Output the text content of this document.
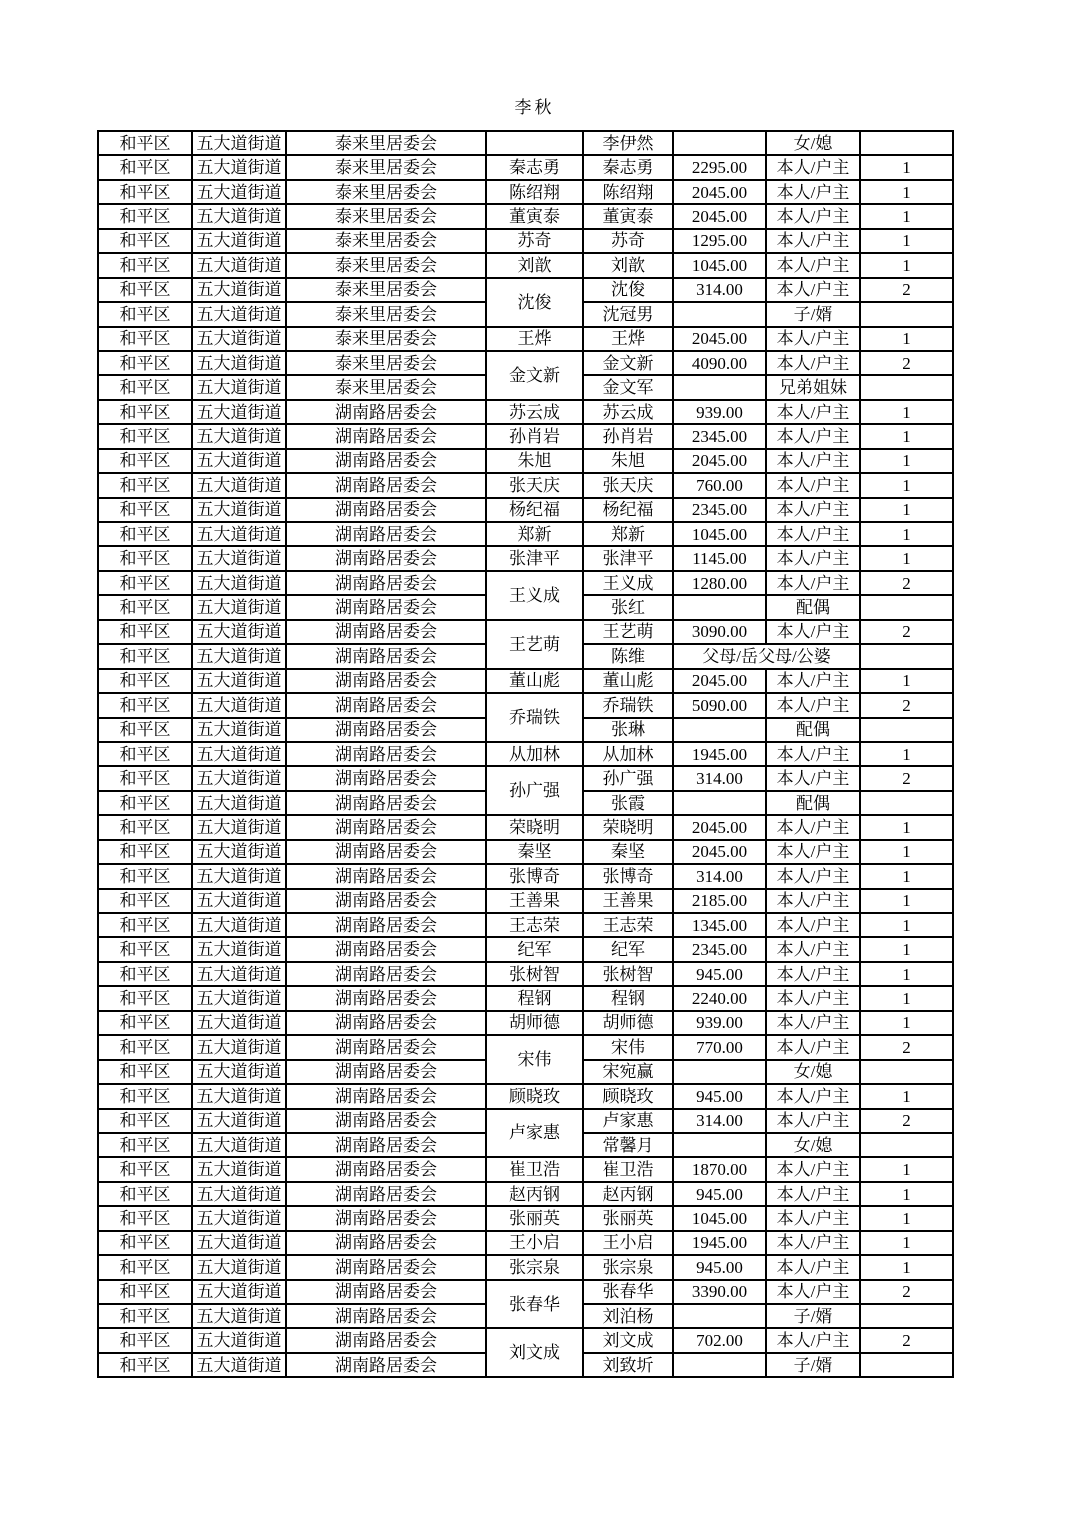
李秋
和平区	五大道街道	泰来里居委会		李伊然		女/媳	
和平区	五大道街道	泰来里居委会	秦志勇	秦志勇	2295.00	本人/户主	1
和平区	五大道街道	泰来里居委会	陈绍翔	陈绍翔	2045.00	本人/户主	1
和平区	五大道街道	泰来里居委会	董寅泰	董寅泰	2045.00	本人/户主	1
和平区	五大道街道	泰来里居委会	苏奇	苏奇	1295.00	本人/户主	1
和平区	五大道街道	泰来里居委会	刘歆	刘歆	1045.00	本人/户主	1
和平区	五大道街道	泰来里居委会	沈俊	沈俊	314.00	本人/户主	2
和平区	五大道街道	泰来里居委会		沈冠男		子/婿	
和平区	五大道街道	泰来里居委会	王烨	王烨	2045.00	本人/户主	1
和平区	五大道街道	泰来里居委会	金文新	金文新	4090.00	本人/户主	2
和平区	五大道街道	泰来里居委会		金文军		兄弟姐妹	
和平区	五大道街道	湖南路居委会	苏云成	苏云成	939.00	本人/户主	1
和平区	五大道街道	湖南路居委会	孙肖岩	孙肖岩	2345.00	本人/户主	1
和平区	五大道街道	湖南路居委会	朱旭	朱旭	2045.00	本人/户主	1
和平区	五大道街道	湖南路居委会	张天庆	张天庆	760.00	本人/户主	1
和平区	五大道街道	湖南路居委会	杨纪福	杨纪福	2345.00	本人/户主	1
和平区	五大道街道	湖南路居委会	郑新	郑新	1045.00	本人/户主	1
和平区	五大道街道	湖南路居委会	张津平	张津平	1145.00	本人/户主	1
和平区	五大道街道	湖南路居委会	王义成	王义成	1280.00	本人/户主	2
和平区	五大道街道	湖南路居委会		张红		配偶	
和平区	五大道街道	湖南路居委会	王艺萌	王艺萌	3090.00	本人/户主	2
和平区	五大道街道	湖南路居委会		陈维	父母/岳父母/公婆		
和平区	五大道街道	湖南路居委会	董山彪	董山彪	2045.00	本人/户主	1
和平区	五大道街道	湖南路居委会	乔瑞铁	乔瑞铁	5090.00	本人/户主	2
和平区	五大道街道	湖南路居委会		张琳		配偶	
和平区	五大道街道	湖南路居委会	从加林	从加林	1945.00	本人/户主	1
和平区	五大道街道	湖南路居委会	孙广强	孙广强	314.00	本人/户主	2
和平区	五大道街道	湖南路居委会		张霞		配偶	
和平区	五大道街道	湖南路居委会	荣晓明	荣晓明	2045.00	本人/户主	1
和平区	五大道街道	湖南路居委会	秦坚	秦坚	2045.00	本人/户主	1
和平区	五大道街道	湖南路居委会	张博奇	张博奇	314.00	本人/户主	1
和平区	五大道街道	湖南路居委会	王善果	王善果	2185.00	本人/户主	1
和平区	五大道街道	湖南路居委会	王志荣	王志荣	1345.00	本人/户主	1
和平区	五大道街道	湖南路居委会	纪军	纪军	2345.00	本人/户主	1
和平区	五大道街道	湖南路居委会	张树智	张树智	945.00	本人/户主	1
和平区	五大道街道	湖南路居委会	程钢	程钢	2240.00	本人/户主	1
和平区	五大道街道	湖南路居委会	胡师德	胡师德	939.00	本人/户主	1
和平区	五大道街道	湖南路居委会	宋伟	宋伟	770.00	本人/户主	2
和平区	五大道街道	湖南路居委会		宋宛赢		女/媳	
和平区	五大道街道	湖南路居委会	顾晓玫	顾晓玫	945.00	本人/户主	1
和平区	五大道街道	湖南路居委会	卢家惠	卢家惠	314.00	本人/户主	2
和平区	五大道街道	湖南路居委会		常馨月		女/媳	
和平区	五大道街道	湖南路居委会	崔卫浩	崔卫浩	1870.00	本人/户主	1
和平区	五大道街道	湖南路居委会	赵丙钢	赵丙钢	945.00	本人/户主	1
和平区	五大道街道	湖南路居委会	张丽英	张丽英	1045.00	本人/户主	1
和平区	五大道街道	湖南路居委会	王小启	王小启	1945.00	本人/户主	1
和平区	五大道街道	湖南路居委会	张宗泉	张宗泉	945.00	本人/户主	1
和平区	五大道街道	湖南路居委会	张春华	张春华	3390.00	本人/户主	2
和平区	五大道街道	湖南路居委会		刘泊杨		子/婿	
和平区	五大道街道	湖南路居委会	刘文成	刘文成	702.00	本人/户主	2
和平区	五大道街道	湖南路居委会		刘致圻		子/婿	
